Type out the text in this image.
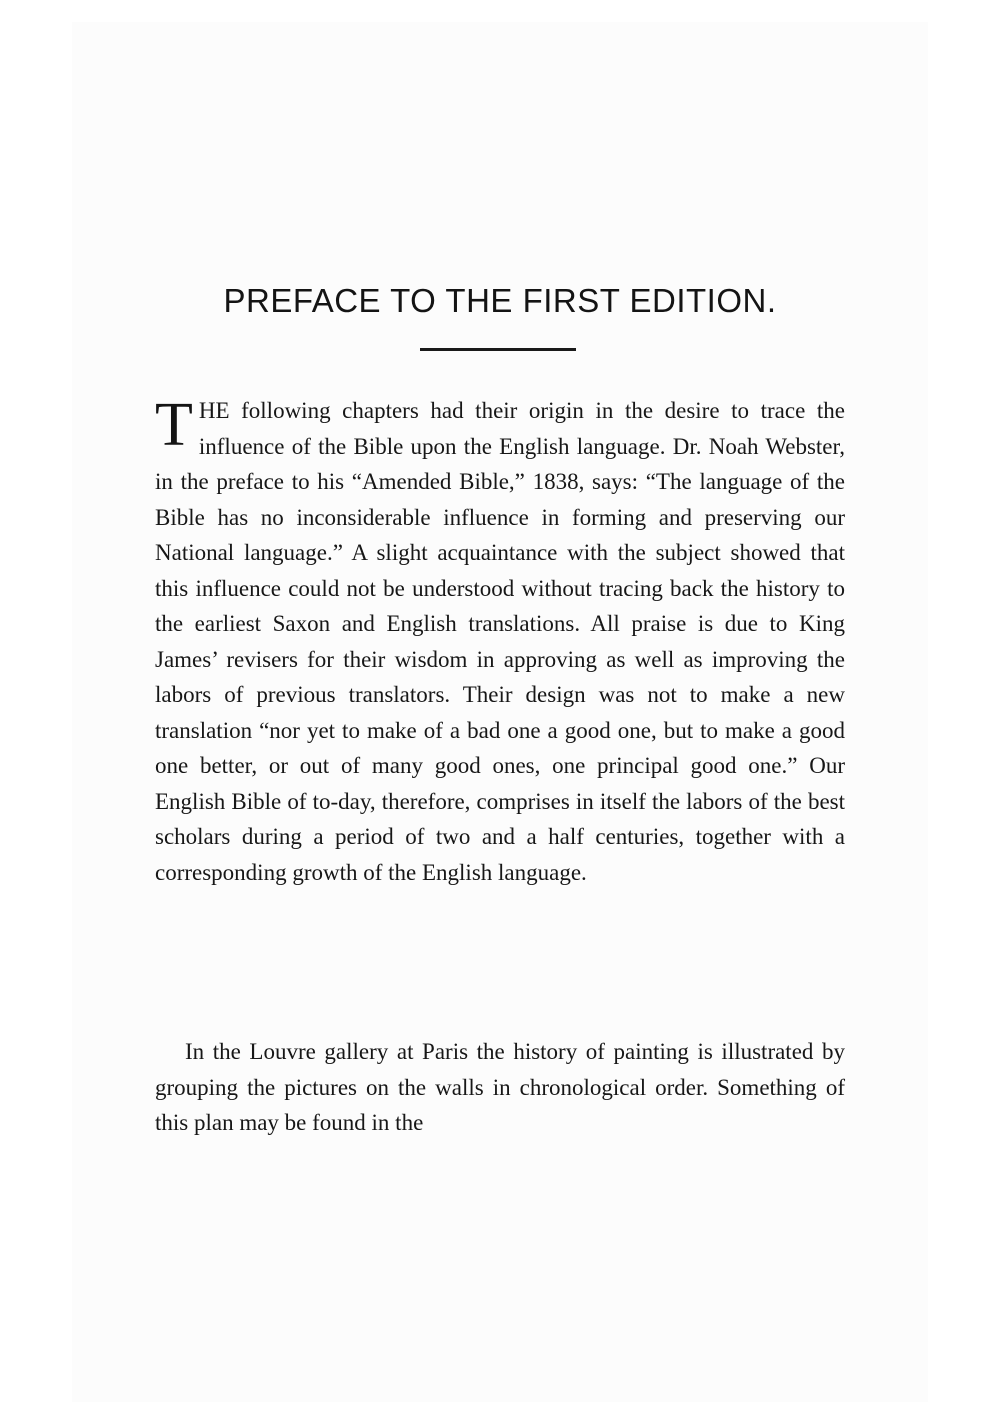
PREFACE TO THE FIRST EDITION.

THE following chapters had their origin in the desire to trace the influence of the Bible upon the English language. Dr. Noah Webster, in the preface to his “Amended Bible,” 1838, says: “The language of the Bible has no inconsiderable influence in forming and preserving our National language.” A slight acquaintance with the subject showed that this influence could not be understood without tracing back the history to the earliest Saxon and English translations. All praise is due to King James’ revisers for their wisdom in approving as well as improving the labors of previous translators. Their design was not to make a new translation “nor yet to make of a bad one a good one, but to make a good one better, or out of many good ones, one principal good one.” Our English Bible of to-day, therefore, comprises in itself the labors of the best scholars during a period of two and a half centuries, together with a corresponding growth of the English language.

In the Louvre gallery at Paris the history of painting is illustrated by grouping the pictures on the walls in chronological order. Something of this plan may be found in the
